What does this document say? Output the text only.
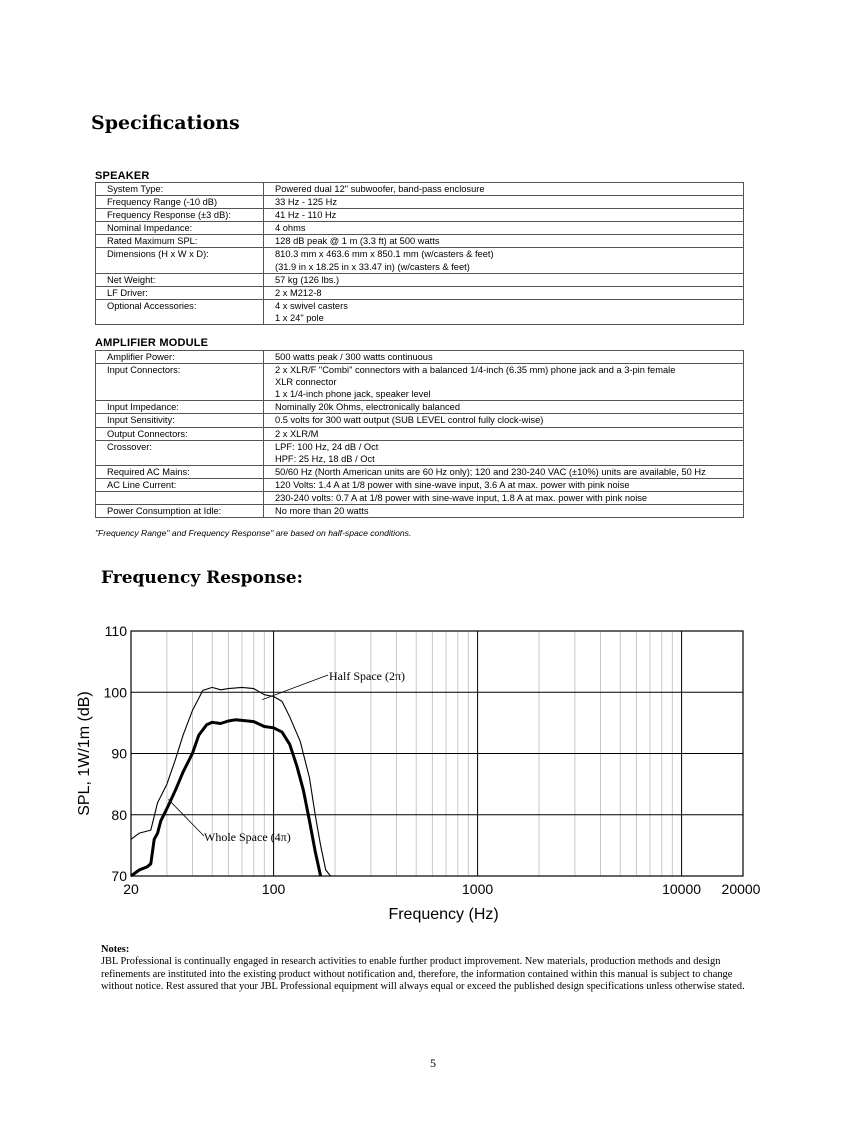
Specifications
SPEAKER
System Type:	Powered dual 12" subwoofer, band-pass enclosure
Frequency Range (-10 dB)	33 Hz - 125 Hz
Frequency Response (±3 dB):	41 Hz - 110 Hz
Nominal Impedance:	4 ohms
Rated Maximum SPL:	128 dB peak @ 1 m (3.3 ft) at 500 watts
Dimensions (H x W x D):	810.3 mm x 463.6 mm x 850.1 mm (w/casters & feet)
	(31.9 in x 18.25 in x 33.47 in) (w/casters & feet)
Net Weight:	57 kg (126 lbs.)
LF Driver:	2 x M212-8
Optional Accessories:	4 x swivel casters
	1 x 24" pole
AMPLIFIER MODULE
Amplifier Power:	500 watts peak / 300 watts continuous
Input Connectors:	2 x XLR/F "Combi" connectors with a balanced 1/4-inch (6.35 mm) phone jack and a 3-pin female
	XLR connector
	1 x 1/4-inch phone jack, speaker level
Input Impedance:	Nominally 20k Ohms, electronically balanced
Input Sensitivity:	0.5 volts for 300 watt output (SUB LEVEL control fully clock-wise)
Output Connectors:	2 x XLR/M
Crossover:	LPF: 100 Hz, 24 dB / Oct
	HPF: 25 Hz, 18 dB / Oct
Required AC Mains:	50/60 Hz (North American units are 60 Hz only); 120 and 230-240 VAC (±10%) units are available, 50 Hz
AC Line Current:	120 Volts: 1.4 A at 1/8 power with sine-wave input, 3.6 A at max. power with pink noise
	230-240 volts: 0.7 A at 1/8 power with sine-wave input, 1.8 A at max. power with pink noise
Power Consumption at Idle:	No more than 20 watts
"Frequency Range" and Frequency Response" are based on half-space conditions.
Frequency Response:
70
80
90
100
110
20	100	1000	10000 20000
SPL, 1W/1m (dB)
Frequency (Hz)
Half Space (2π)
Whole Space (4π)
Notes:
JBL Professional is continually engaged in research activities to enable further product improvement. New materials, production methods and design refinements are instituted into the existing product without notification and, therefore, the information contained within this manual is subject to change without notice. Rest assured that your JBL Professional equipment will always equal or exceed the published design specifications unless otherwise stated.
5
